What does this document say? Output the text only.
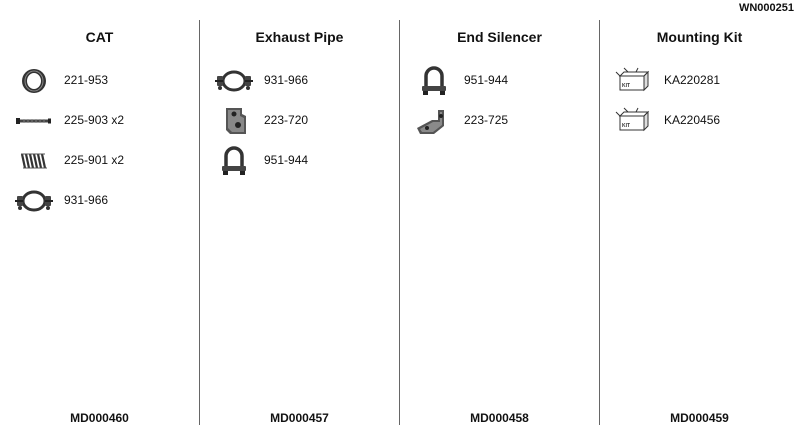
WN000251
CAT
221-953
225-903 x2
225-901 x2
931-966
MD000460
Exhaust Pipe
931-966
223-720
951-944
MD000457
End Silencer
951-944
223-725
MD000458
Mounting Kit
KIT	KA220281
KIT	KA220456
MD000459
